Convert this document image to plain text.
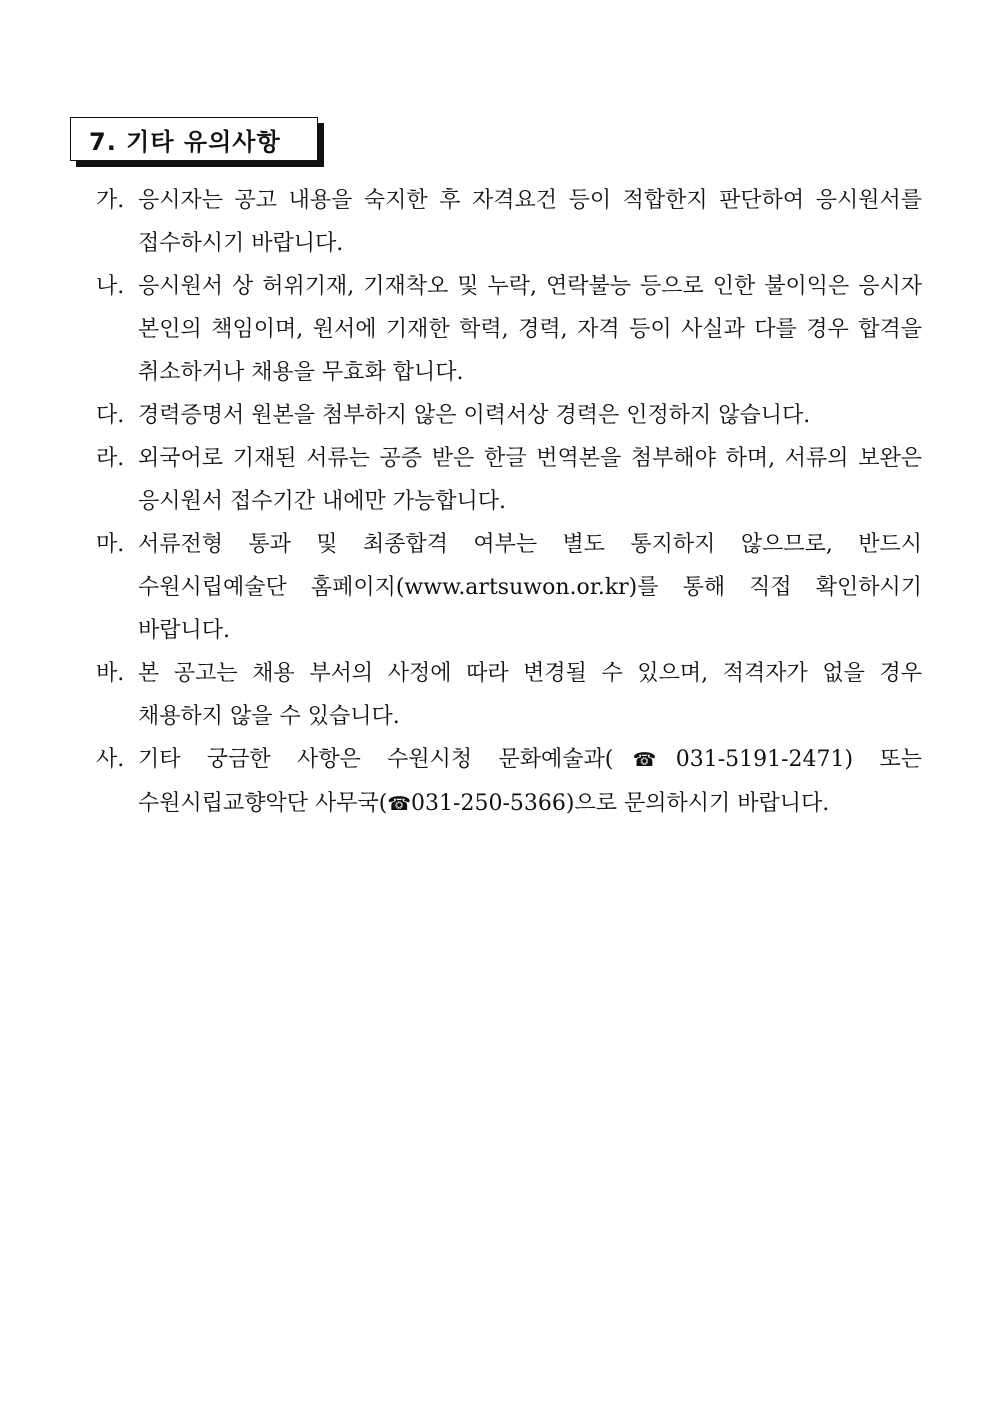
7. 기타 유의사항
가. 응시자는 공고 내용을 숙지한 후 자격요건 등이 적합한지 판단하여 응시원서를 접수하시기 바랍니다.
나. 응시원서 상 허위기재, 기재착오 및 누락, 연락불능 등으로 인한 불이익은 응시자 본인의 책임이며, 원서에 기재한 학력, 경력, 자격 등이 사실과 다를 경우 합격을 취소하거나 채용을 무효화 합니다.
다. 경력증명서 원본을 첨부하지 않은 이력서상 경력은 인정하지 않습니다.
라. 외국어로 기재된 서류는 공증 받은 한글 번역본을 첨부해야 하며, 서류의 보완은 응시원서 접수기간 내에만 가능합니다.
마. 서류전형 통과 및 최종합격 여부는 별도 통지하지 않으므로, 반드시 수원시립예술단 홈페이지(www.artsuwon.or.kr)를 통해 직접 확인하시기 바랍니다.
바. 본 공고는 채용 부서의 사정에 따라 변경될 수 있으며, 적격자가 없을 경우 채용하지 않을 수 있습니다.
사. 기타 궁금한 사항은 수원시청 문화예술과(☎031-5191-2471) 또는 수원시립교향악단 사무국(☎031-250-5366)으로 문의하시기 바랍니다.
